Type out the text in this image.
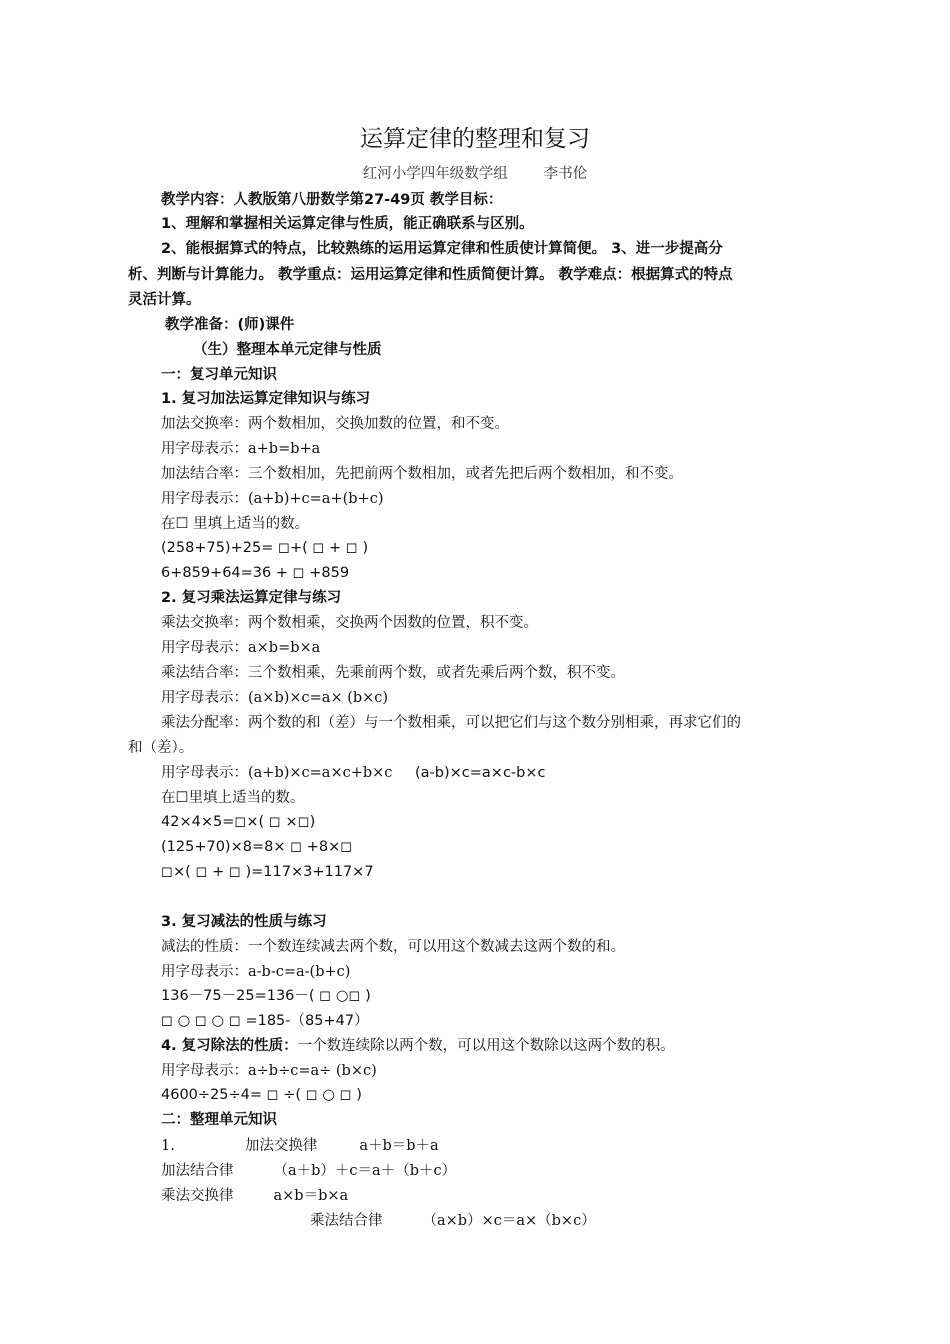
运算定律的整理和复习
红河小学四年级数学组 李书伦
教学内容：人教版第八册数学第27-49页 教学目标：
1、理解和掌握相关运算定律与性质，能正确联系与区别。
2、能根据算式的特点，比较熟练的运用运算定律和性质使计算简便。 3、进一步提高分
析、判断与计算能力。 教学重点：运用运算定律和性质简便计算。 教学难点：根据算式的特点
灵活计算。
教学准备：(师)课件
（生）整理本单元定律与性质
一：复习单元知识
1. 复习加法运算定律知识与练习
加法交换率：两个数相加，交换加数的位置，和不变。
用字母表示：a+b=b+a
加法结合率：三个数相加，先把前两个数相加，或者先把后两个数相加，和不变。
用字母表示：(a+b)+c=a+(b+c)
在☐ 里填上适当的数。
(258+75)+25= ◻+( ◻ + ◻ )
6+859+64=36 + ◻ +859
2. 复习乘法运算定律与练习
乘法交换率：两个数相乘，交换两个因数的位置，积不变。
用字母表示：a×b=b×a
乘法结合率：三个数相乘，先乘前两个数，或者先乘后两个数，积不变。
用字母表示：(a×b)×c=a× (b×c)
乘法分配率：两个数的和（差）与一个数相乘，可以把它们与这个数分别相乘，再求它们的
和（差）。
用字母表示：(a+b)×c=a×c+b×c (a-b)×c=a×c-b×c
在☐里填上适当的数。
42×4×5=◻×( ◻ ×◻)
(125+70)×8=8× ◻ +8×◻
◻×( ◻ + ◻ )=117×3+117×7
3. 复习减法的性质与练习
减法的性质：一个数连续减去两个数，可以用这个数减去这两个数的和。
用字母表示：a-b-c=a-(b+c)
136－75－25=136－( ◻ ○◻ )
◻ ○ ◻ ○ ◻ =185-（85+47）
4. 复习除法的性质：一个数连续除以两个数，可以用这个数除以这两个数的积。
用字母表示：a÷b÷c=a÷ (b×c)
4600÷25÷4= ◻ ÷( ◻ ○ ◻ )
二：整理单元知识
1.	加法交换律	a＋b＝b＋a
加法结合律	（a＋b）＋c＝a＋（b＋c）
乘法交换律	a×b＝b×a
乘法结合律	（a×b）×c＝a×（b×c）
